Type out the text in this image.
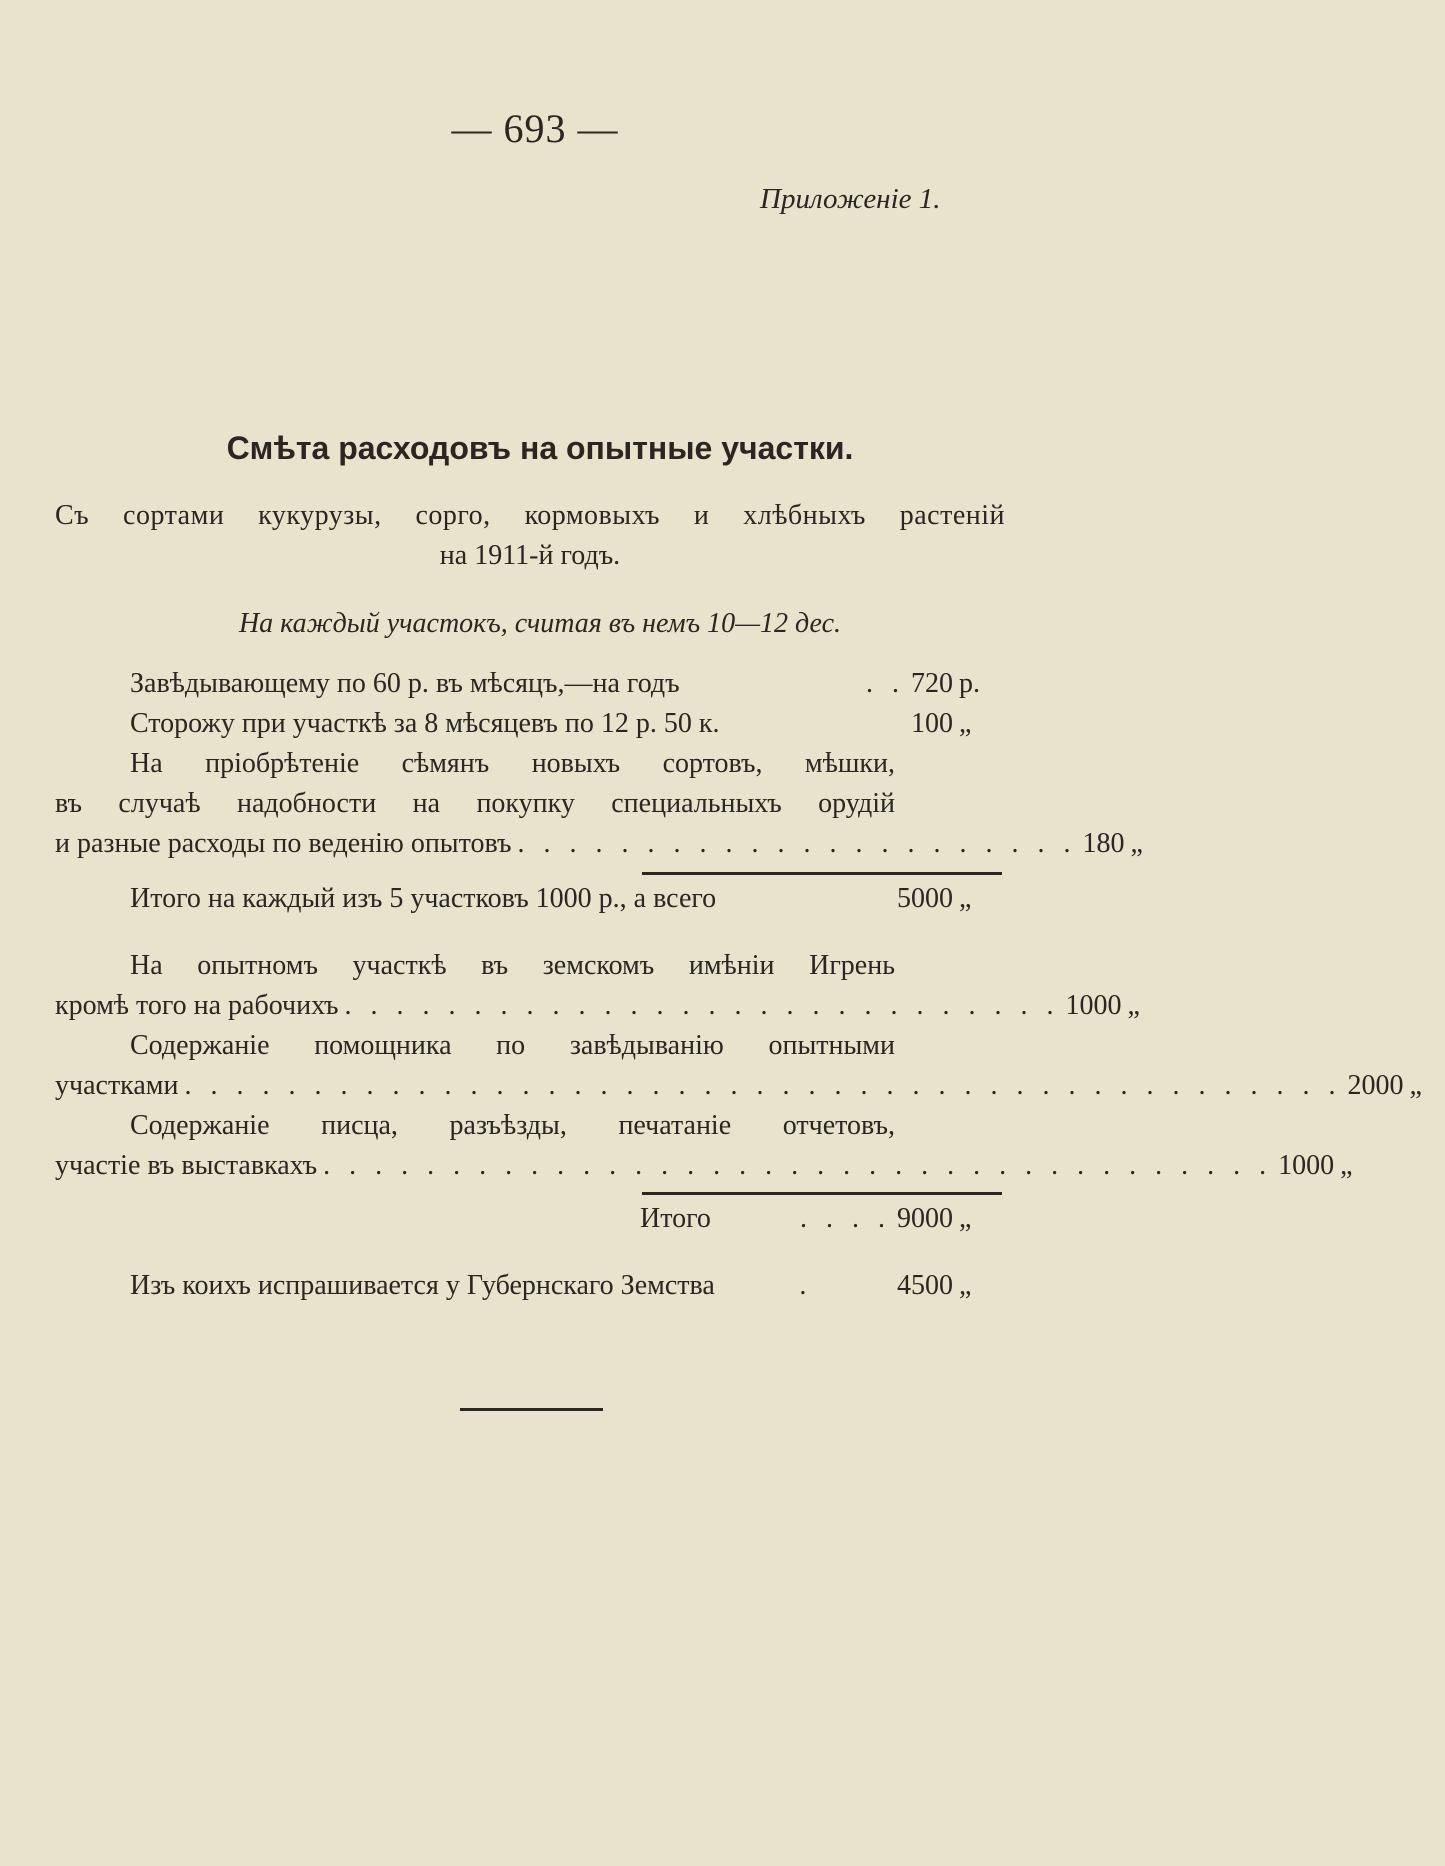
— 693 —
Приложеніе 1.
Смѣта расходовъ на опытные участки.
Съ сортами кукурузы, сорго, кормовыхъ и хлѣбныхъ растеній
на 1911-й годъ.
На каждый участокъ, считая въ немъ 10—12 дес.
Завѣдывающему по 60 р. въ мѣсяцъ,—на годъ	. . 720 р.
Сторожу при участкѣ за 8 мѣсяцевъ по 12 р. 50 к.	100 „
На пріобрѣтеніе сѣмянъ новыхъ сортовъ, мѣшки,
въ случаѣ надобности на покупку специальныхъ орудій
и разные расходы по веденію опытовъ . . . . . . . . . . . . . . . . . . . . . . 180 „
Итого на каждый изъ 5 участковъ 1000 р., а всего	5000 „
На опытномъ участкѣ въ земскомъ имѣніи Игрень
кромѣ того на рабочихъ . . . . . . . . . . . . . . . . . . . . . . . . . . . . 1000 „
Содержаніе помощника по завѣдыванію опытными
участками . . . . . . . . . . . . . . . . . . . . . . . . . . . . . . . . . . . . . . . . . . . . . 2000 „
Содержаніе писца, разъѣзды, печатаніе отчетовъ,
участіе въ выставкахъ . . . . . . . . . . . . . . . . . . . . . . . . . . . . . . . . . . . . . 1000 „
Итого	. . . . 9000 „
Изъ коихъ испрашивается у Губернскаго Земства	.	4500 „
